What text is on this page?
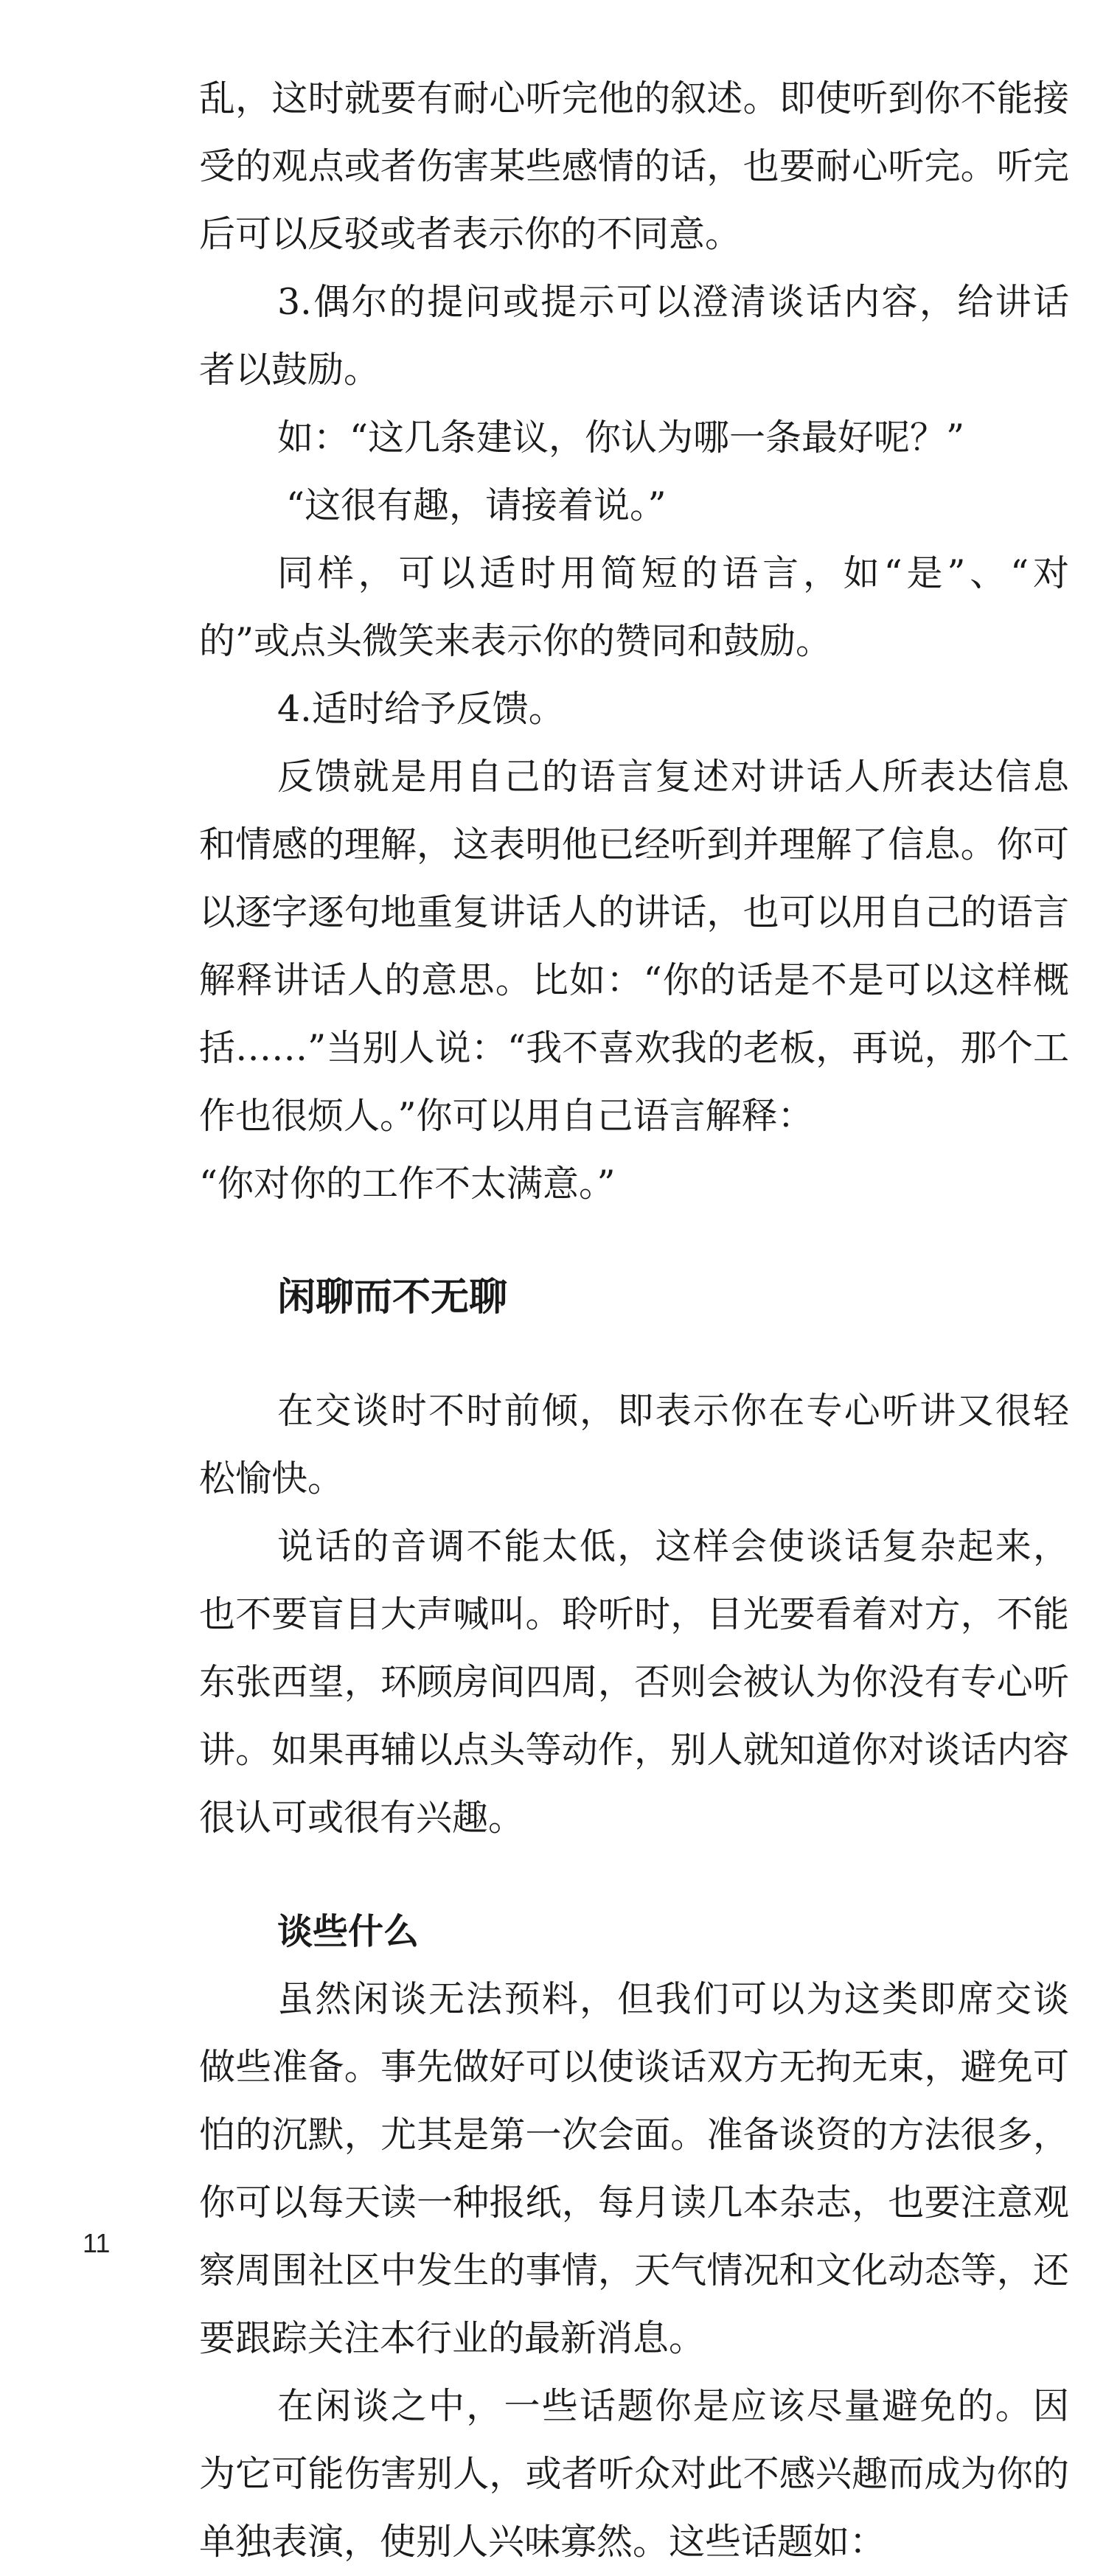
乱，这时就要有耐心听完他的叙述。即使听到你不能接受的观点或者伤害某些感情的话，也要耐心听完。听完后可以反驳或者表示你的不同意。

3.偶尔的提问或提示可以澄清谈话内容，给讲话者以鼓励。

如：“这几条建议，你认为哪一条最好呢？”

“这很有趣，请接着说。”

同样，可以适时用简短的语言，如“是”、“对的”或点头微笑来表示你的赞同和鼓励。

4.适时给予反馈。

反馈就是用自己的语言复述对讲话人所表达信息和情感的理解，这表明他已经听到并理解了信息。你可以逐字逐句地重复讲话人的讲话，也可以用自己的语言解释讲话人的意思。比如：“你的话是不是可以这样概括……”当别人说：“我不喜欢我的老板，再说，那个工作也很烦人。”你可以用自己语言解释：

“你对你的工作不太满意。”

闲聊而不无聊

在交谈时不时前倾，即表示你在专心听讲又很轻松愉快。

说话的音调不能太低，这样会使谈话复杂起来，也不要盲目大声喊叫。聆听时，目光要看着对方，不能东张西望，环顾房间四周，否则会被认为你没有专心听讲。如果再辅以点头等动作，别人就知道你对谈话内容很认可或很有兴趣。

谈些什么

虽然闲谈无法预料，但我们可以为这类即席交谈做些准备。事先做好可以使谈话双方无拘无束，避免可怕的沉默，尤其是第一次会面。准备谈资的方法很多，你可以每天读一种报纸，每月读几本杂志，也要注意观察周围社区中发生的事情，天气情况和文化动态等，还要跟踪关注本行业的最新消息。

在闲谈之中，一些话题你是应该尽量避免的。因为它可能伤害别人，或者听众对此不感兴趣而成为你的单独表演，使别人兴味寡然。这些话题如：

11
